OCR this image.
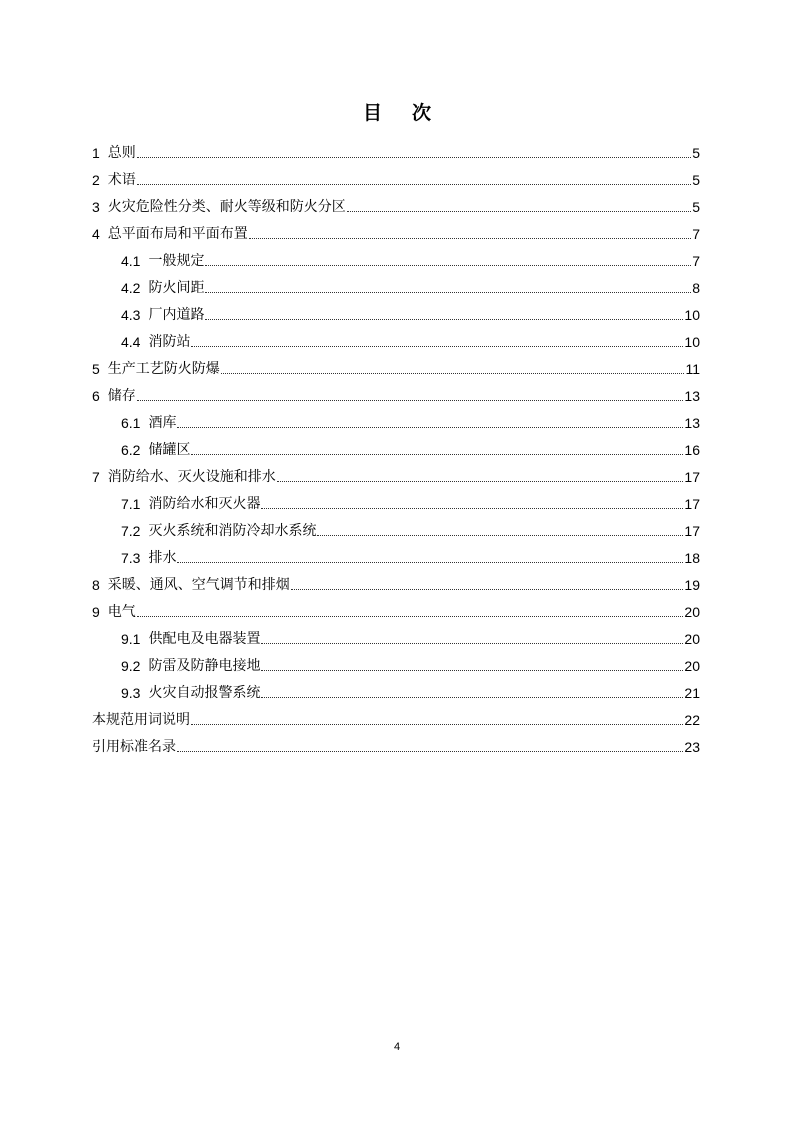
目 次
1 总则	5
2 术语	5
3 火灾危险性分类、耐火等级和防火分区	5
4 总平面布局和平面布置	7
4.1 一般规定	7
4.2 防火间距	8
4.3 厂内道路	10
4.4 消防站	10
5 生产工艺防火防爆	11
6 储存	13
6.1 酒库	13
6.2 储罐区	16
7 消防给水、灭火设施和排水	17
7.1 消防给水和灭火器	17
7.2 灭火系统和消防冷却水系统	17
7.3 排水	18
8 采暖、通风、空气调节和排烟	19
9 电气	20
9.1 供配电及电器装置	20
9.2 防雷及防静电接地	20
9.3 火灾自动报警系统	21
本规范用词说明	22
引用标准名录	23
4
